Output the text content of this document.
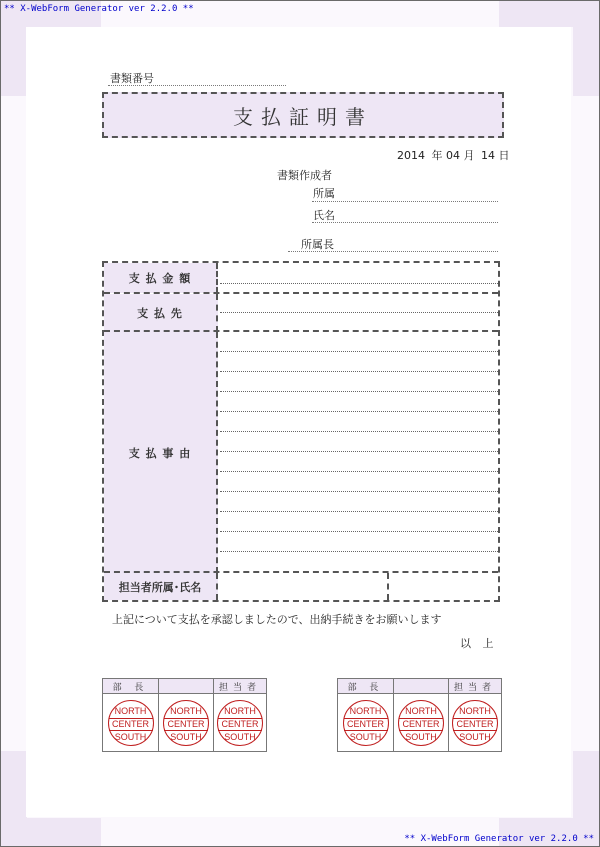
** X-WebForm Generator ver 2.2.0 **
** X-WebForm Generator ver 2.2.0 **
書類番号
支払証明書
2014 年 04 月 14 日
書類作成者
所属
氏名
所属長
支 払 金 額
支 払 先
支 払 事 由
担当者所属･氏名
上記について支払を承認しましたので、出納手続きをお願いします
以 上
部 長	担当者
NORTH
CENTER
SOUTH
NORTH
CENTER
SOUTH
NORTH
CENTER
SOUTH
部 長	担当者
NORTH
CENTER
SOUTH
NORTH
CENTER
SOUTH
NORTH
CENTER
SOUTH
